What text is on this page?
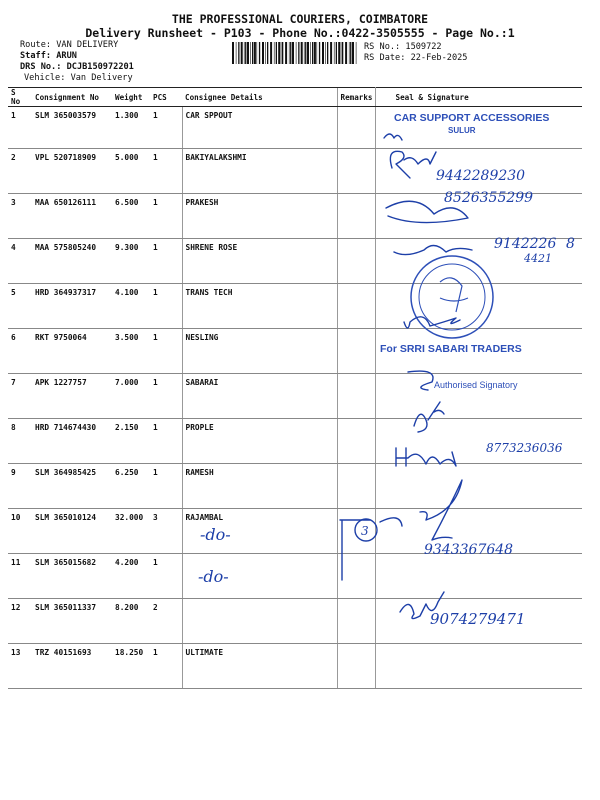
THE PROFESSIONAL COURIERS, COIMBATORE
Delivery Runsheet - P103 - Phone No.:0422-3505555 - Page No.:1
Route: VAN DELIVERY
Staff: ARUN
DRS No.: DCJB150972201
Vehicle: Van Delivery
RS No.: 1509722
RS Date: 22-Feb-2025
S No	Consignment No	Weight	PCS	Consignee Details	Remarks	Seal & Signature
1	SLM 365003579	1.300	1	CAR SPPOUT		
2	VPL 520718909	5.000	1	BAKIYALAKSHMI		
3	MAA 650126111	6.500	1	PRAKESH		
4	MAA 575805240	9.300	1	SHRENE ROSE		
5	HRD 364937317	4.100	1	TRANS TECH		
6	RKT 9750064	3.500	1	NESLING		
7	APK 1227757	7.000	1	SABARAI		
8	HRD 714674430	2.150	1	PROPLE		
9	SLM 364985425	6.250	1	RAMESH		
10	SLM 365010124	32.000	3	RAJAMBAL		
11	SLM 365015682	4.200	1			
12	SLM 365011337	8.200	2			
13	TRZ 40151693	18.250	1	ULTIMATE		
CAR SUPPORT ACCESSORIES
SULUR
9442289230
8526355299
9142226 8
4421
For SRRI SABARI TRADERS
Authorised Signatory
8773236036
-do-
-do-
3
9343367648
9074279471
